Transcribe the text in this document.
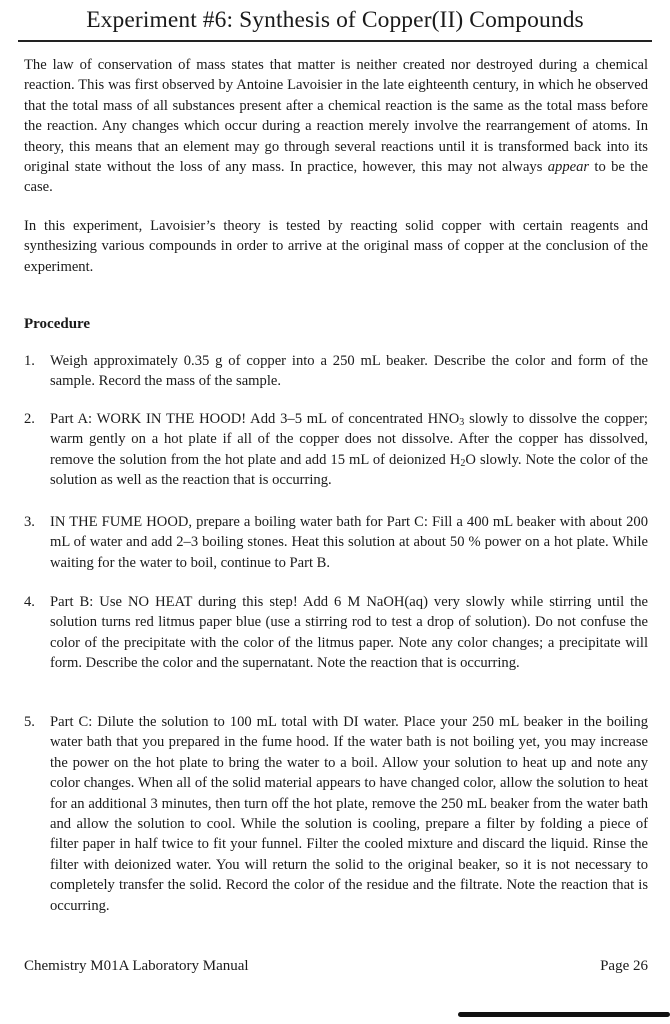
Experiment #6: Synthesis of Copper(II) Compounds

The law of conservation of mass states that matter is neither created nor destroyed during a chemical reaction. This was first observed by Antoine Lavoisier in the late eighteenth century, in which he observed that the total mass of all substances present after a chemical reaction is the same as the total mass before the reaction. Any changes which occur during a reaction merely involve the rearrangement of atoms. In theory, this means that an element may go through several reactions until it is transformed back into its original state without the loss of any mass. In practice, however, this may not always appear to be the case.

In this experiment, Lavoisier’s theory is tested by reacting solid copper with certain reagents and synthesizing various compounds in order to arrive at the original mass of copper at the conclusion of the experiment.

Procedure
1. Weigh approximately 0.35 g of copper into a 250 mL beaker. Describe the color and form of the sample. Record the mass of the sample.

2. Part A: WORK IN THE HOOD! Add 3–5 mL of concentrated $HNO_3$ slowly to dissolve the copper; warm gently on a hot plate if all of the copper does not dissolve. After the copper has dissolved, remove the solution from the hot plate and add 15 mL of deionized $H_2O$ slowly. Note the color of the solution as well as the reaction that is occurring.

3. IN THE FUME HOOD, prepare a boiling water bath for Part C: Fill a 400 mL beaker with about 200 mL of water and add 2–3 boiling stones. Heat this solution at about 50 % power on a hot plate. While waiting for the water to boil, continue to Part B.

4. Part B: Use NO HEAT during this step! Add 6 M NaOH(aq) very slowly while stirring until the solution turns red litmus paper blue (use a stirring rod to test a drop of solution). Do not confuse the color of the precipitate with the color of the litmus paper. Note any color changes; a precipitate will form. Describe the color and the supernatant. Note the reaction that is occurring.

5. Part C: Dilute the solution to 100 mL total with DI water. Place your 250 mL beaker in the boiling water bath that you prepared in the fume hood. If the water bath is not boiling yet, you may increase the power on the hot plate to bring the water to a boil. Allow your solution to heat up and note any color changes. When all of the solid material appears to have changed color, allow the solution to heat for an additional 3 minutes, then turn off the hot plate, remove the 250 mL beaker from the water bath and allow the solution to cool. While the solution is cooling, prepare a filter by folding a piece of filter paper in half twice to fit your funnel. Filter the cooled mixture and discard the liquid. Rinse the filter with deionized water. You will return the solid to the original beaker, so it is not necessary to completely transfer the solid. Record the color of the residue and the filtrate. Note the reaction that is occurring.

Chemistry M01A Laboratory Manual	Page 26
